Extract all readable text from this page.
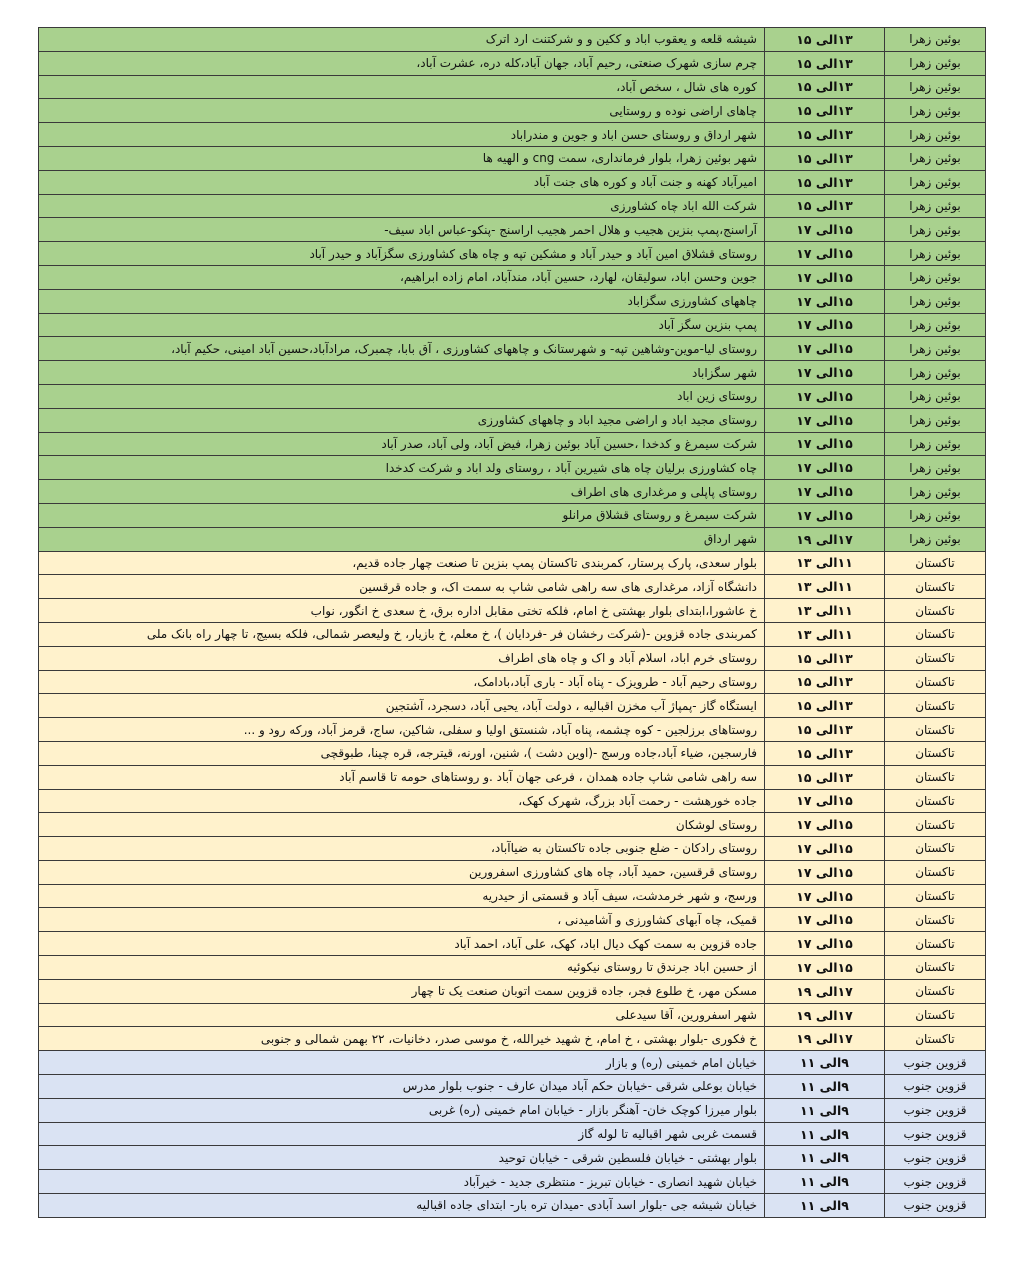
بوئین زهرا	۱۳الی ۱۵	شیشه قلعه و یعقوب اباد و ککین و و شرکتنت ارد اترک
بوئین زهرا	۱۳الی ۱۵	چرم سازی شهرک صنعتی، رحیم آباد، جهان آباد،کله دره، عشرت آباد،
بوئین زهرا	۱۳الی ۱۵	کوره های شال ، سخص آباد،
بوئین زهرا	۱۳الی ۱۵	چاهای اراضی نوده و روستایی
بوئین زهرا	۱۳الی ۱۵	شهر ارداق و روستای حسن اباد و جوین و مندراباد
بوئین زهرا	۱۳الی ۱۵	شهر بوئین زهرا، بلوار فرمانداری، سمت cng و الهیه ها
بوئین زهرا	۱۳الی ۱۵	امیرآباد کهنه و جنت آباد و کوره های جنت آباد
بوئین زهرا	۱۳الی ۱۵	شرکت الله اباد چاه کشاورزی
بوئین زهرا	۱۵الی ۱۷	آراسنج،پمپ بنزین هجیب و هلال احمر هجیب اراسنج -پنکو-عباس اباد سیف-
بوئین زهرا	۱۵الی ۱۷	روستای قشلاق امین آباد و حیدر آباد و مشکین تپه و چاه های کشاورزی سگزآباد و حیدر آباد
بوئین زهرا	۱۵الی ۱۷	جوین وحسن اباد، سولیقان، لهارد، حسین آباد، مندآباد، امام زاده ابراهیم،
بوئین زهرا	۱۵الی ۱۷	چاههای کشاورزی سگزاباد
بوئین زهرا	۱۵الی ۱۷	پمپ بنزین سگز آباد
بوئین زهرا	۱۵الی ۱۷	روستای لیا-موین-وشاهین تپه- و شهرستانک و چاههای کشاورزی ، آق بابا، چمبرک، مرادآباد،حسین آباد امینی، حکیم آباد،
بوئین زهرا	۱۵الی ۱۷	شهر سگزاباد
بوئین زهرا	۱۵الی ۱۷	روستای زین اباد
بوئین زهرا	۱۵الی ۱۷	روستای مجید اباد و اراضی مجید اباد و چاههای کشاورزی
بوئین زهرا	۱۵الی ۱۷	شرکت سیمرغ و کدخدا ،حسین آباد بوئین زهرا، فیض آباد، ولی آباد، صدر آباد
بوئین زهرا	۱۵الی ۱۷	چاه کشاورزی برلیان چاه های شیرین آباد ، روستای ولد اباد و شرکت کدخدا
بوئین زهرا	۱۵الی ۱۷	روستای پاپلی و مرغداری های اطراف
بوئین زهرا	۱۵الی ۱۷	شرکت سیمرغ و روستای قشلاق مرانلو
بوئین زهرا	۱۷الی ۱۹	شهر ارداق
تاکستان	۱۱الی ۱۳	بلوار سعدی، پارک پرستار، کمربندی تاکستان پمپ بنزین تا صنعت چهار جاده قدیم،
تاکستان	۱۱الی ۱۳	دانشگاه آزاد، مرغداری های سه راهی شامی شاپ به سمت اک، و جاده قرقسین
تاکستان	۱۱الی ۱۳	خ عاشورا،ابتدای بلوار بهشتی خ امام، فلکه تختی مقابل اداره برق، خ سعدی خ انگور، نواب
تاکستان	۱۱الی ۱۳	کمربندی جاده قزوین -(شرکت رخشان فر -فردایان )، خ معلم، خ بازیار، خ ولیعصر شمالی، فلکه بسیج، تا چهار راه بانک ملی
تاکستان	۱۳الی ۱۵	روستای خرم اباد، اسلام آباد و اک و چاه های اطراف
تاکستان	۱۳الی ۱۵	روستای رحیم آباد - طرویزک - پناه آباد - باری آباد،بادامک،
تاکستان	۱۳الی ۱۵	ایستگاه گاز -پمپاژ آب مخزن اقبالیه ، دولت آباد، یحیی آباد، دسجرد، آشتجین
تاکستان	۱۳الی ۱۵	روستاهای برزلجین - کوه چشمه، پناه آباد، شنستق اولیا و سفلی، شاکین، ساج، قرمز آباد، ورکه رود و ...
تاکستان	۱۳الی ۱۵	فارسجین، ضیاء آباد،جاده ورسج -(اوین دشت )، شنین، اورنه، قیترجه، قره چینا، طبوقچی
تاکستان	۱۳الی ۱۵	سه راهی شامی شاپ جاده همدان ، فرعی جهان آباد .و روستاهای حومه تا قاسم آباد
تاکستان	۱۵الی ۱۷	جاده خورهشت - رحمت آباد بزرگ، شهرک کهک،
تاکستان	۱۵الی ۱۷	روستای لوشکان
تاکستان	۱۵الی ۱۷	روستای رادکان - ضلع جنوبی جاده تاکستان به ضیاآباد،
تاکستان	۱۵الی ۱۷	روستای قرقسین، حمید آباد، چاه های کشاورزی اسفرورین
تاکستان	۱۵الی ۱۷	ورسج، و شهر خرمدشت، سیف آباد و قسمتی از حیدریه
تاکستان	۱۵الی ۱۷	قمیک، چاه آبهای کشاورزی و آشامیدنی ،
تاکستان	۱۵الی ۱۷	جاده قزوین به سمت کهک دیال اباد، کهک، علی آباد، احمد آباد
تاکستان	۱۵الی ۱۷	از حسین اباد جرندق تا روستای نیکوئیه
تاکستان	۱۷الی ۱۹	مسکن مهر، خ طلوع فجر، جاده قزوین سمت اتوبان صنعت یک تا چهار
تاکستان	۱۷الی ۱۹	شهر اسفرورین، آقا سیدعلی
تاکستان	۱۷الی ۱۹	خ فکوری -بلوار بهشتی ، خ امام، خ شهید خیرالله، خ موسی صدر، دخانیات، ۲۲ بهمن شمالی و جنوبی
قزوین جنوب	۹الی ۱۱	خیابان امام خمینی (ره) و بازار
قزوین جنوب	۹الی ۱۱	خیابان بوعلی شرقی -خیابان حکم آباد میدان عارف - جنوب بلوار مدرس
قزوین جنوب	۹الی ۱۱	بلوار میرزا کوچک خان- آهنگر بازار - خیابان امام خمینی (ره) غربی
قزوین جنوب	۹الی ۱۱	قسمت غربی شهر اقبالیه تا لوله گاز
قزوین جنوب	۹الی ۱۱	بلوار بهشتی - خیابان فلسطین شرقی - خیابان توحید
قزوین جنوب	۹الی ۱۱	خیابان شهید انصاری - خیابان تبریز - منتظری جدید - خیرآباد
قزوین جنوب	۹الی ۱۱	خیابان شیشه جی -بلوار اسد آبادی -میدان تره بار- ابتدای جاده اقبالیه
